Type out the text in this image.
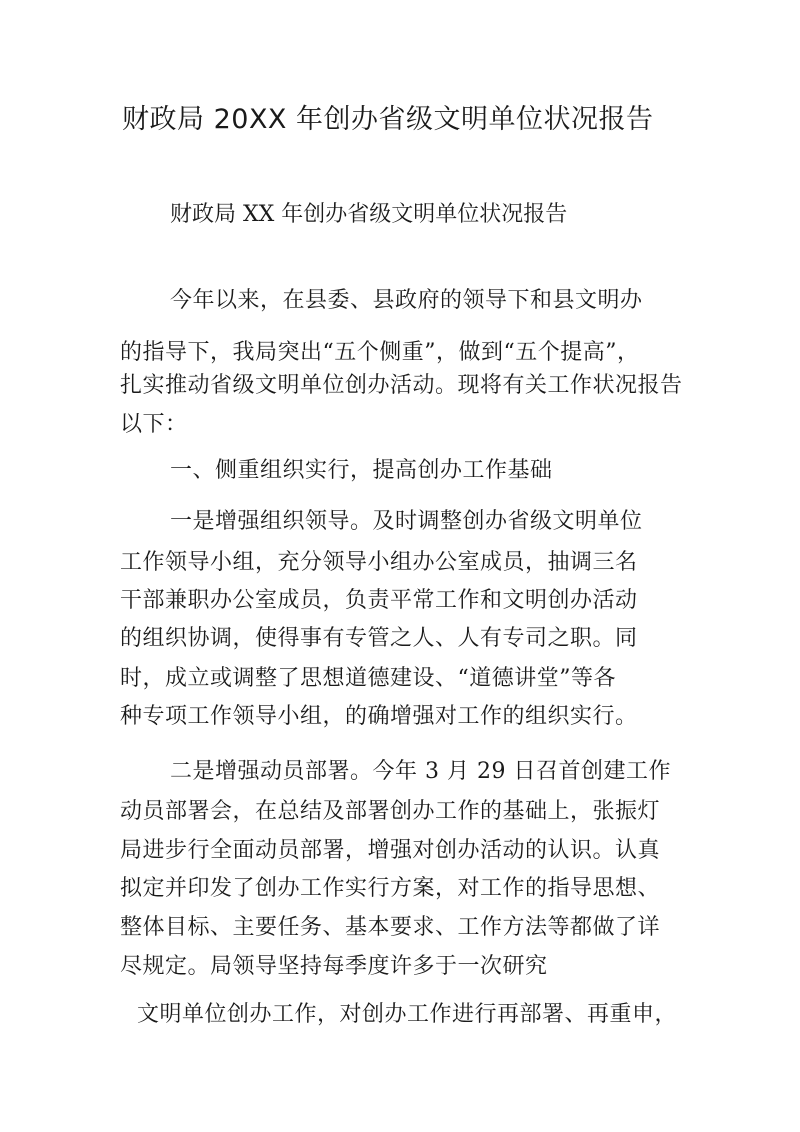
财政局 20XX 年创办省级文明单位状况报告
财政局 XX 年创办省级文明单位状况报告
今年以来，在县委、县政府的领导下和县文明办
的指导下，我局突出“五个侧重”，做到“五个提高”，
扎实推动省级文明单位创办活动。现将有关工作状况报告
以下：
一、侧重组织实行，提高创办工作基础
一是增强组织领导。及时调整创办省级文明单位
工作领导小组，充分领导小组办公室成员，抽调三名
干部兼职办公室成员，负责平常工作和文明创办活动
的组织协调，使得事有专管之人、人有专司之职。同
时，成立或调整了思想道德建设、“道德讲堂”等各
种专项工作领导小组，的确增强对工作的组织实行。
二是增强动员部署。今年 3 月 29 日召首创建工作
动员部署会，在总结及部署创办工作的基础上，张振灯
局进步行全面动员部署，增强对创办活动的认识。认真
拟定并印发了创办工作实行方案，对工作的指导思想、
整体目标、主要任务、基本要求、工作方法等都做了详
尽规定。局领导坚持每季度许多于一次研究
文明单位创办工作，对创办工作进行再部署、再重申，
